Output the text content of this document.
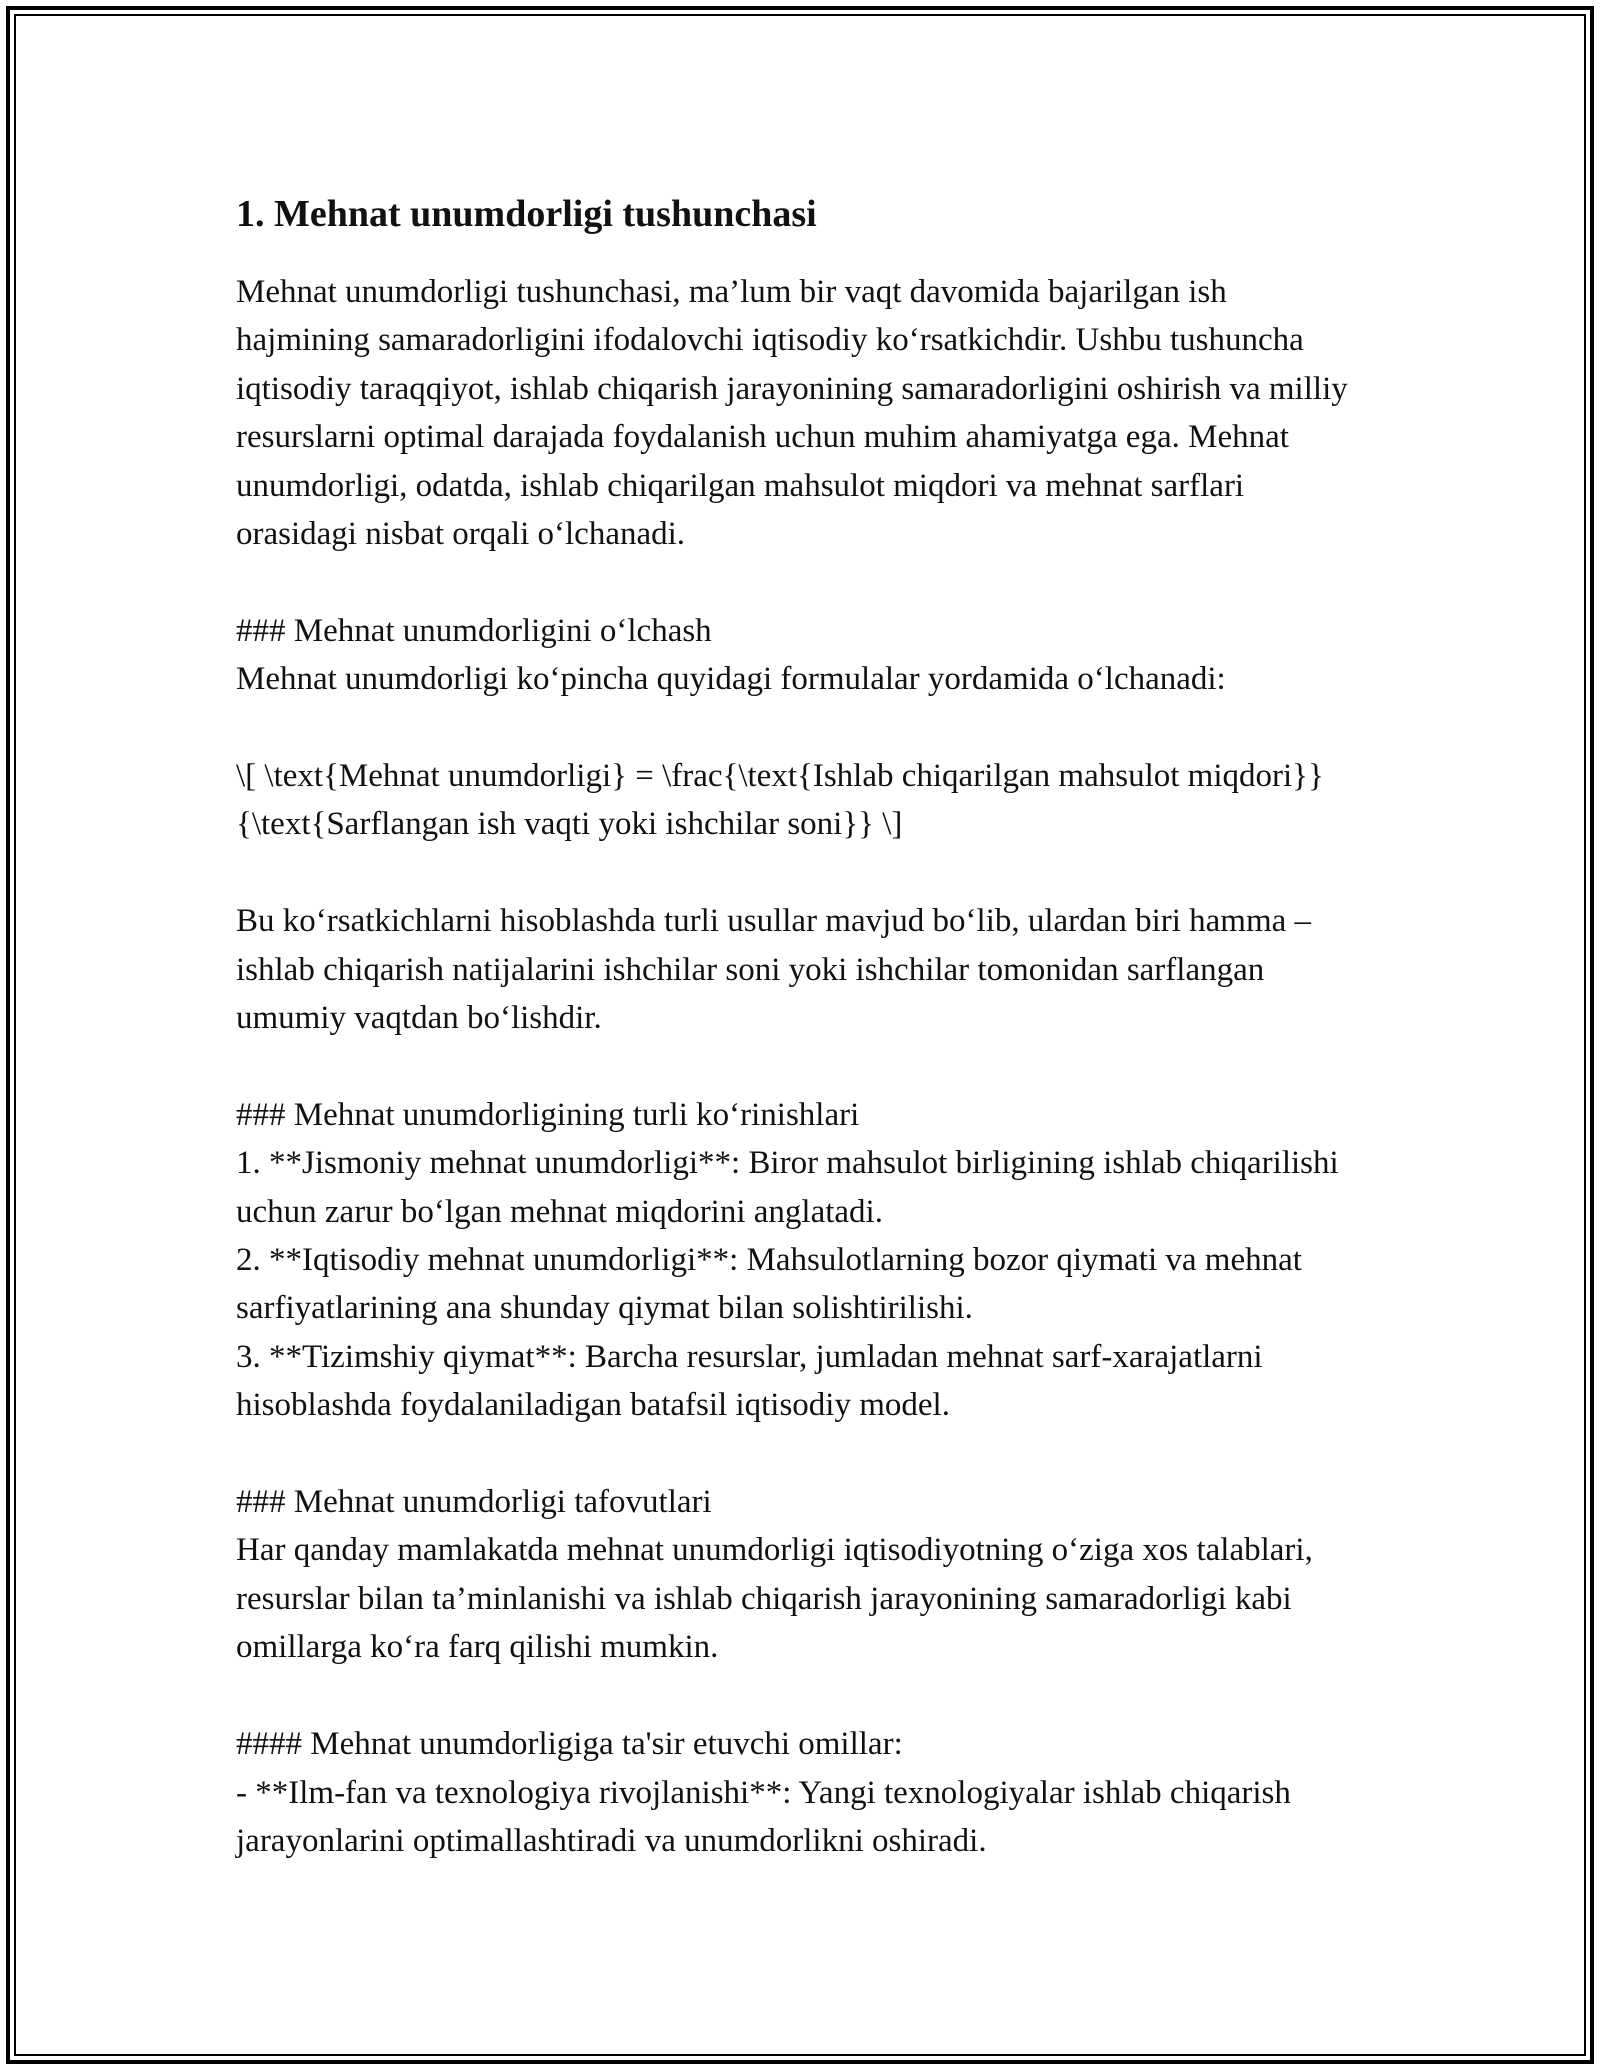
1. Mehnat unumdorligi tushunchasi

Mehnat unumdorligi tushunchasi, ma’lum bir vaqt davomida bajarilgan ish hajmining samaradorligini ifodalovchi iqtisodiy ko‘rsatkichdir. Ushbu tushuncha iqtisodiy taraqqiyot, ishlab chiqarish jarayonining samaradorligini oshirish va milliy resurslarni optimal darajada foydalanish uchun muhim ahamiyatga ega. Mehnat unumdorligi, odatda, ishlab chiqarilgan mahsulot miqdori va mehnat sarflari orasidagi nisbat orqali o‘lchanadi.

### Mehnat unumdorligini o‘lchash

Mehnat unumdorligi ko‘pincha quyidagi formulalar yordamida o‘lchanadi:

\[ \text{Mehnat unumdorligi} = \frac{\text{Ishlab chiqarilgan mahsulot miqdori}}{\text{Sarflangan ish vaqti yoki ishchilar soni}} \]

Bu ko‘rsatkichlarni hisoblashda turli usullar mavjud bo‘lib, ulardan biri hamma – ishlab chiqarish natijalarini ishchilar soni yoki ishchilar tomonidan sarflangan umumiy vaqtdan bo‘lishdir.

### Mehnat unumdorligining turli ko‘rinishlari

1. **Jismoniy mehnat unumdorligi**: Biror mahsulot birligining ishlab chiqarilishi uchun zarur bo‘lgan mehnat miqdorini anglatadi.

2. **Iqtisodiy mehnat unumdorligi**: Mahsulotlarning bozor qiymati va mehnat sarfiyatlarining ana shunday qiymat bilan solishtirilishi.

3. **Tizimshiy qiymat**: Barcha resurslar, jumladan mehnat sarf-xarajatlarni hisoblashda foydalaniladigan batafsil iqtisodiy model.

### Mehnat unumdorligi tafovutlari

Har qanday mamlakatda mehnat unumdorligi iqtisodiyotning o‘ziga xos talablari, resurslar bilan ta’minlanishi va ishlab chiqarish jarayonining samaradorligi kabi omillarga ko‘ra farq qilishi mumkin.

#### Mehnat unumdorligiga ta'sir etuvchi omillar:

- **Ilm-fan va texnologiya rivojlanishi**: Yangi texnologiyalar ishlab chiqarish jarayonlarini optimallashtiradi va unumdorlikni oshiradi.
